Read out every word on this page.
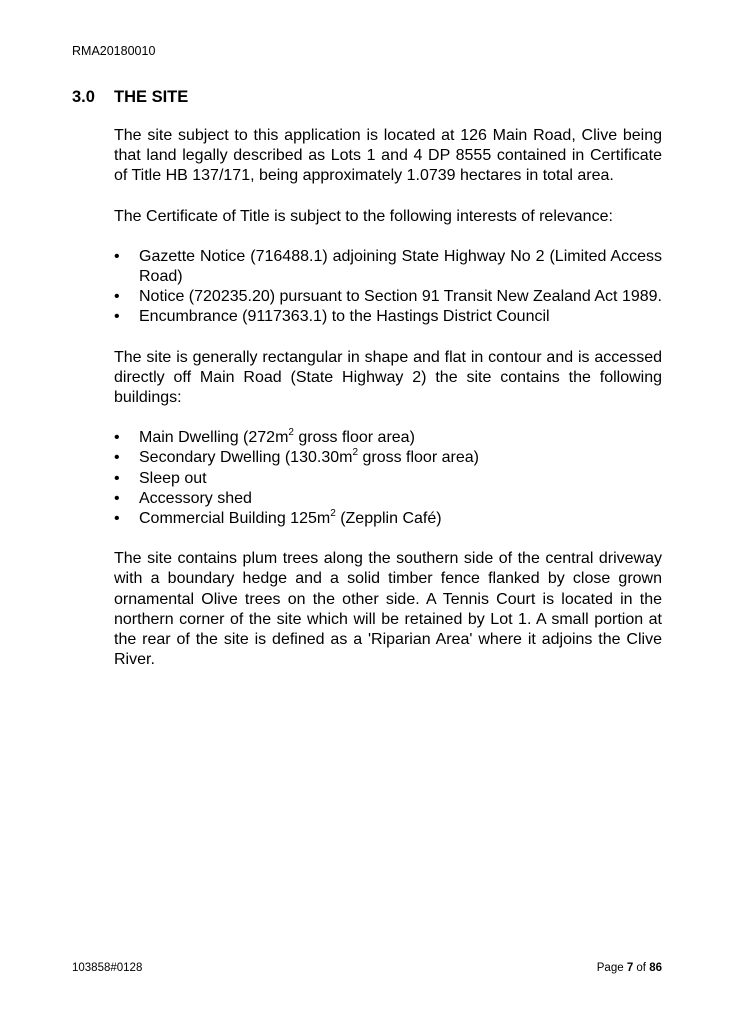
RMA20180010
3.0	THE SITE

The site subject to this application is located at 126 Main Road, Clive being that land legally described as Lots 1 and 4 DP 8555 contained in Certificate of Title HB 137/171, being approximately 1.0739 hectares in total area.

The Certificate of Title is subject to the following interests of relevance:

•	Gazette Notice (716488.1) adjoining State Highway No 2 (Limited Access Road)
•	Notice (720235.20) pursuant to Section 91 Transit New Zealand Act 1989.
•	Encumbrance (9117363.1) to the Hastings District Council

The site is generally rectangular in shape and flat in contour and is accessed directly off Main Road (State Highway 2) the site contains the following buildings:

•	Main Dwelling ($272m^2$ gross floor area)
•	Secondary Dwelling ($130.30m^2$ gross floor area)
•	Sleep out
•	Accessory shed
•	Commercial Building $125m^2$ (Zepplin Café)

The site contains plum trees along the southern side of the central driveway with a boundary hedge and a solid timber fence flanked by close grown ornamental Olive trees on the other side. A Tennis Court is located in the northern corner of the site which will be retained by Lot 1. A small portion at the rear of the site is defined as a 'Riparian Area' where it adjoins the Clive River.

103858#0128	Page 7 of 86
